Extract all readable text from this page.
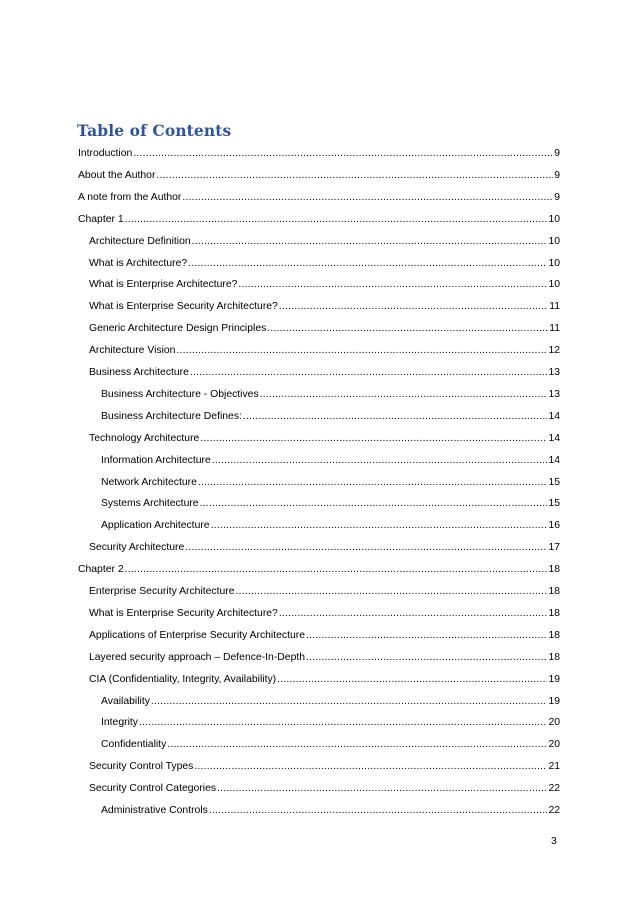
Table of Contents
Introduction .....	9
About the Author .....	9
A note from the Author .....	9
Chapter 1 .....	10
Architecture Definition .....	10
What is Architecture? .....	10
What is Enterprise Architecture? .....	10
What is Enterprise Security Architecture? .....	11
Generic Architecture Design Principles .....	11
Architecture Vision .....	12
Business Architecture .....	13
Business Architecture - Objectives .....	13
Business Architecture Defines: .....	14
Technology Architecture .....	14
Information Architecture .....	14
Network Architecture .....	15
Systems Architecture .....	15
Application Architecture .....	16
Security Architecture .....	17
Chapter 2 .....	18
Enterprise Security Architecture .....	18
What is Enterprise Security Architecture? .....	18
Applications of Enterprise Security Architecture .....	18
Layered security approach – Defence-In-Depth .....	18
CIA (Confidentiality, Integrity, Availability) .....	19
Availability .....	19
Integrity .....	20
Confidentiality .....	20
Security Control Types .....	21
Security Control Categories .....	22
Administrative Controls .....	22

3
